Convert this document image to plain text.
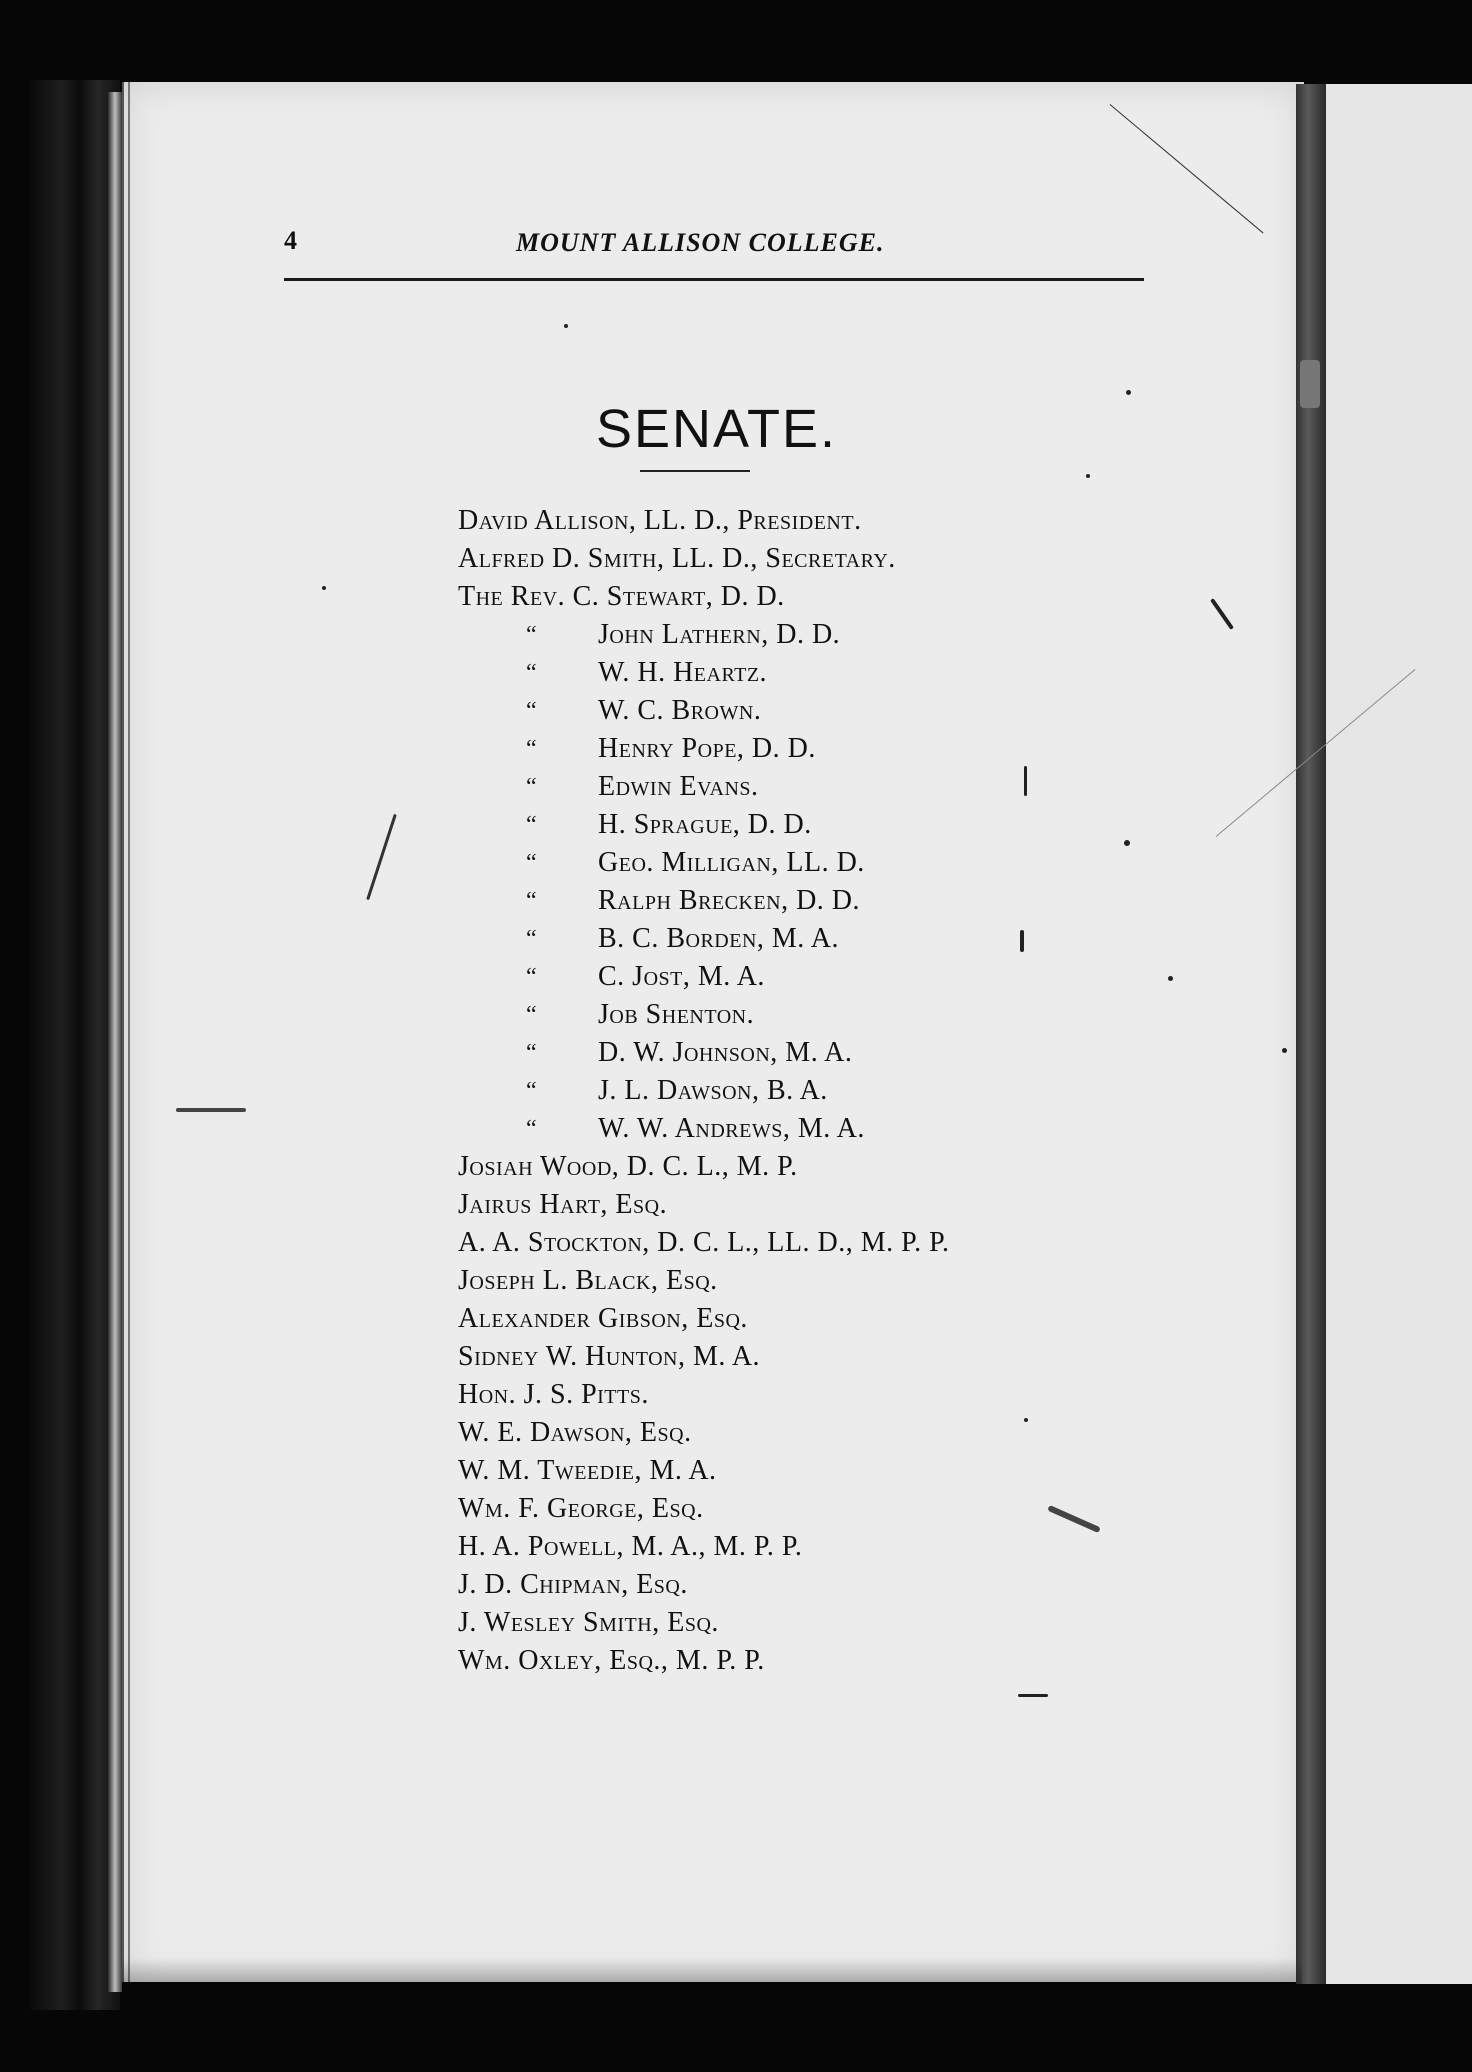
4	MOUNT ALLISON COLLEGE.
SENATE.
David Allison, LL. D., President.
Alfred D. Smith, LL. D., Secretary.
The Rev. C. Stewart, D. D.
“ John Lathern, D. D.
“ W. H. Heartz.
“ W. C. Brown.
“ Henry Pope, D. D.
“ Edwin Evans.
“ H. Sprague, D. D.
“ Geo. Milligan, LL. D.
“ Ralph Brecken, D. D.
“ B. C. Borden, M. A.
“ C. Jost, M. A.
“ Job Shenton.
“ D. W. Johnson, M. A.
“ J. L. Dawson, B. A.
“ W. W. Andrews, M. A.
Josiah Wood, D. C. L., M. P.
Jairus Hart, Esq.
A. A. Stockton, D. C. L., LL. D., M. P. P.
Joseph L. Black, Esq.
Alexander Gibson, Esq.
Sidney W. Hunton, M. A.
Hon. J. S. Pitts.
W. E. Dawson, Esq.
W. M. Tweedie, M. A.
Wm. F. George, Esq.
H. A. Powell, M. A., M. P. P.
J. D. Chipman, Esq.
J. Wesley Smith, Esq.
Wm. Oxley, Esq., M. P. P.
